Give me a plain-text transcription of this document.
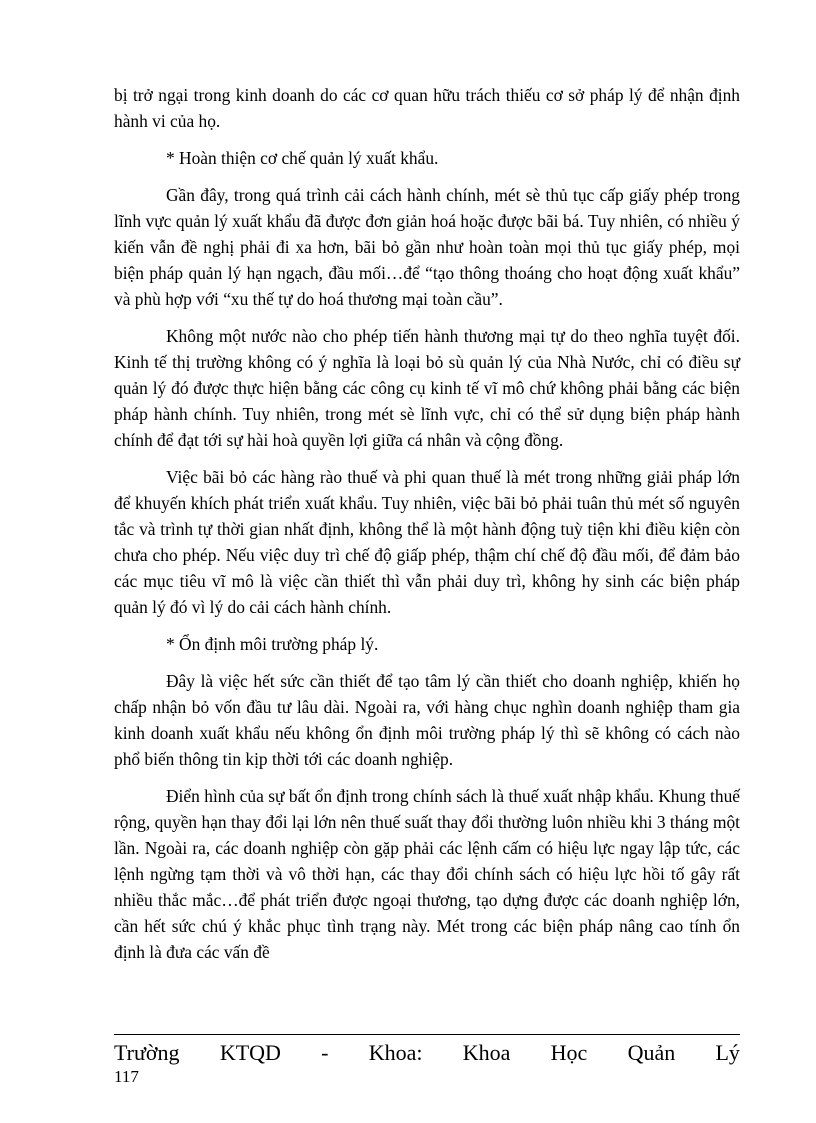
bị trở ngại trong kinh doanh do các cơ quan hữu trách thiếu cơ sở pháp lý để nhận định hành vi của họ.

* Hoàn thiện cơ chế quản lý xuất khẩu.

Gần đây, trong quá trình cải cách hành chính, mét sè thủ tục cấp giấy phép trong lĩnh vực quản lý xuất khẩu đã được đơn giản hoá hoặc được bãi bá. Tuy nhiên, có nhiều ý kiến vẫn đề nghị phải đi xa hơn, bãi bỏ gần như hoàn toàn mọi thủ tục giấy phép, mọi biện pháp quản lý hạn ngạch, đầu mối…để “tạo thông thoáng cho hoạt động xuất khẩu” và phù hợp với “xu thế tự do hoá thương mại toàn cầu”.

Không một nước nào cho phép tiến hành thương mại tự do theo nghĩa tuyệt đối. Kinh tế thị trường không có ý nghĩa là loại bỏ sù quản lý của Nhà Nước, chỉ có điều sự quản lý đó được thực hiện bằng các công cụ kinh tế vĩ mô chứ không phải bằng các biện pháp hành chính. Tuy nhiên, trong mét sè lĩnh vực, chỉ có thể sử dụng biện pháp hành chính để đạt tới sự hài hoà quyền lợi giữa cá nhân và cộng đồng.

Việc bãi bỏ các hàng rào thuế và phi quan thuế là mét trong những giải pháp lớn để khuyến khích phát triển xuất khẩu. Tuy nhiên, việc bãi bỏ phải tuân thủ mét số nguyên tắc và trình tự thời gian nhất định, không thể là một hành động tuỳ tiện khi điều kiện còn chưa cho phép. Nếu việc duy trì chế độ giấp phép, thậm chí chế độ đầu mối, để đảm bảo các mục tiêu vĩ mô là việc cần thiết thì vẫn phải duy trì, không hy sinh các biện pháp quản lý đó vì lý do cải cách hành chính.

* Ổn định môi trường pháp lý.

Đây là việc hết sức cần thiết để tạo tâm lý cần thiết cho doanh nghiệp, khiến họ chấp nhận bỏ vốn đầu tư lâu dài. Ngoài ra, với hàng chục nghìn doanh nghiệp tham gia kinh doanh xuất khẩu nếu không ổn định môi trường pháp lý thì sẽ không có cách nào phổ biến thông tin kịp thời tới các doanh nghiệp.

Điển hình của sự bất ổn định trong chính sách là thuế xuất nhập khẩu. Khung thuế rộng, quyền hạn thay đổi lại lớn nên thuế suất thay đổi thường luôn nhiều khi 3 tháng một lần. Ngoài ra, các doanh nghiệp còn gặp phải các lệnh cấm có hiệu lực ngay lập tức, các lệnh ngừng tạm thời và vô thời hạn, các thay đổi chính sách có hiệu lực hồi tố gây rất nhiều thắc mắc…để phát triển được ngoại thương, tạo dựng được các doanh nghiệp lớn, cần hết sức chú ý khắc phục tình trạng này. Mét trong các biện pháp nâng cao tính ổn định là đưa các vấn đề

Trường KTQD - Khoa: Khoa Học Quản Lý
117
